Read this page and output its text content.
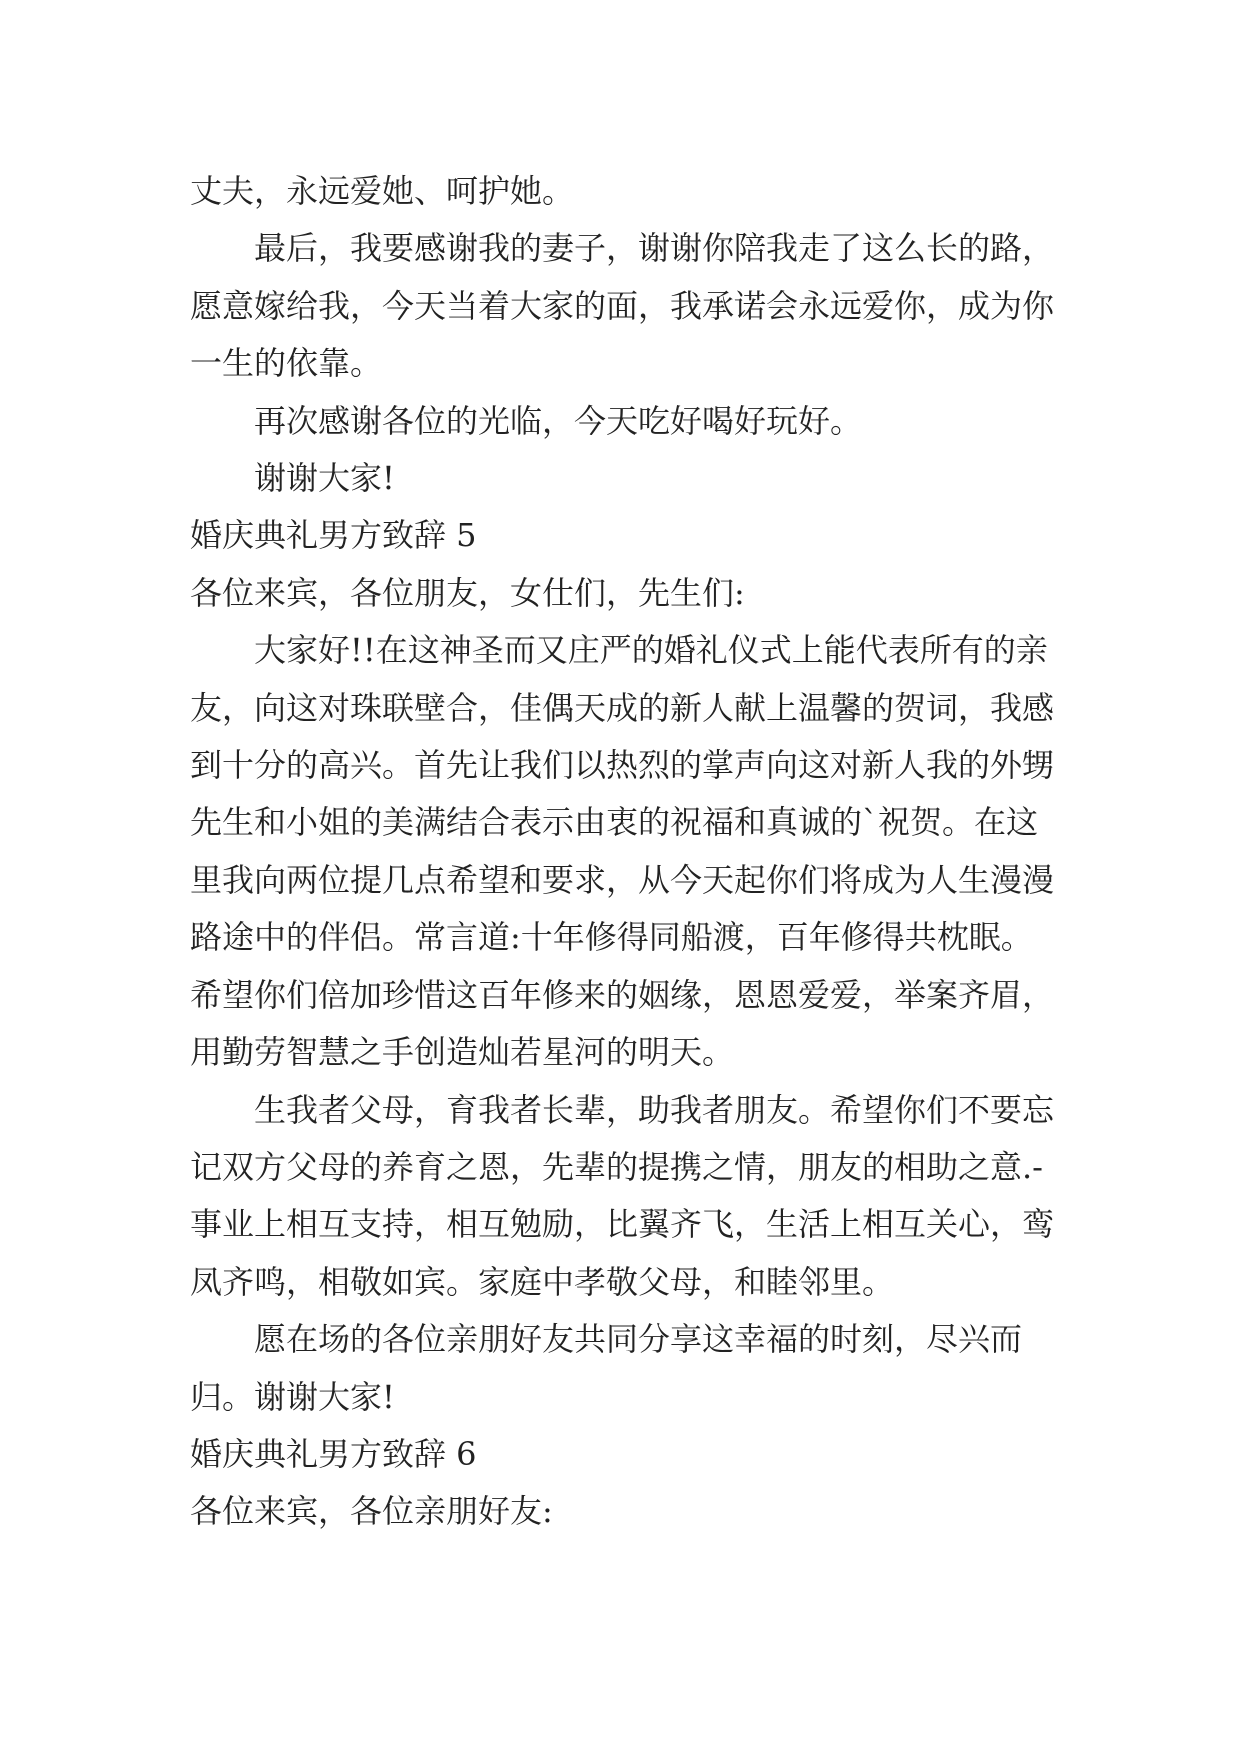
丈夫，永远爱她、呵护她。

最后，我要感谢我的妻子，谢谢你陪我走了这么长的路，愿意嫁给我，今天当着大家的面，我承诺会永远爱你，成为你一生的依靠。

再次感谢各位的光临，今天吃好喝好玩好。

谢谢大家!

婚庆典礼男方致辞 5

各位来宾，各位朋友，女仕们，先生们:

大家好!!在这神圣而又庄严的婚礼仪式上能代表所有的亲友，向这对珠联壁合，佳偶天成的新人献上温馨的贺词，我感到十分的高兴。首先让我们以热烈的掌声向这对新人我的外甥先生和小姐的美满结合表示由衷的祝福和真诚的`祝贺。在这里我向两位提几点希望和要求，从今天起你们将成为人生漫漫路途中的伴侣。常言道:十年修得同船渡，百年修得共枕眠。希望你们倍加珍惜这百年修来的姻缘，恩恩爱爱，举案齐眉，用勤劳智慧之手创造灿若星河的明天。

生我者父母，育我者长辈，助我者朋友。希望你们不要忘记双方父母的养育之恩，先辈的提携之情，朋友的相助之意.-事业上相互支持，相互勉励，比翼齐飞，生活上相互关心，鸾凤齐鸣，相敬如宾。家庭中孝敬父母，和睦邻里。

愿在场的各位亲朋好友共同分享这幸福的时刻，尽兴而归。谢谢大家!

婚庆典礼男方致辞 6

各位来宾，各位亲朋好友:
